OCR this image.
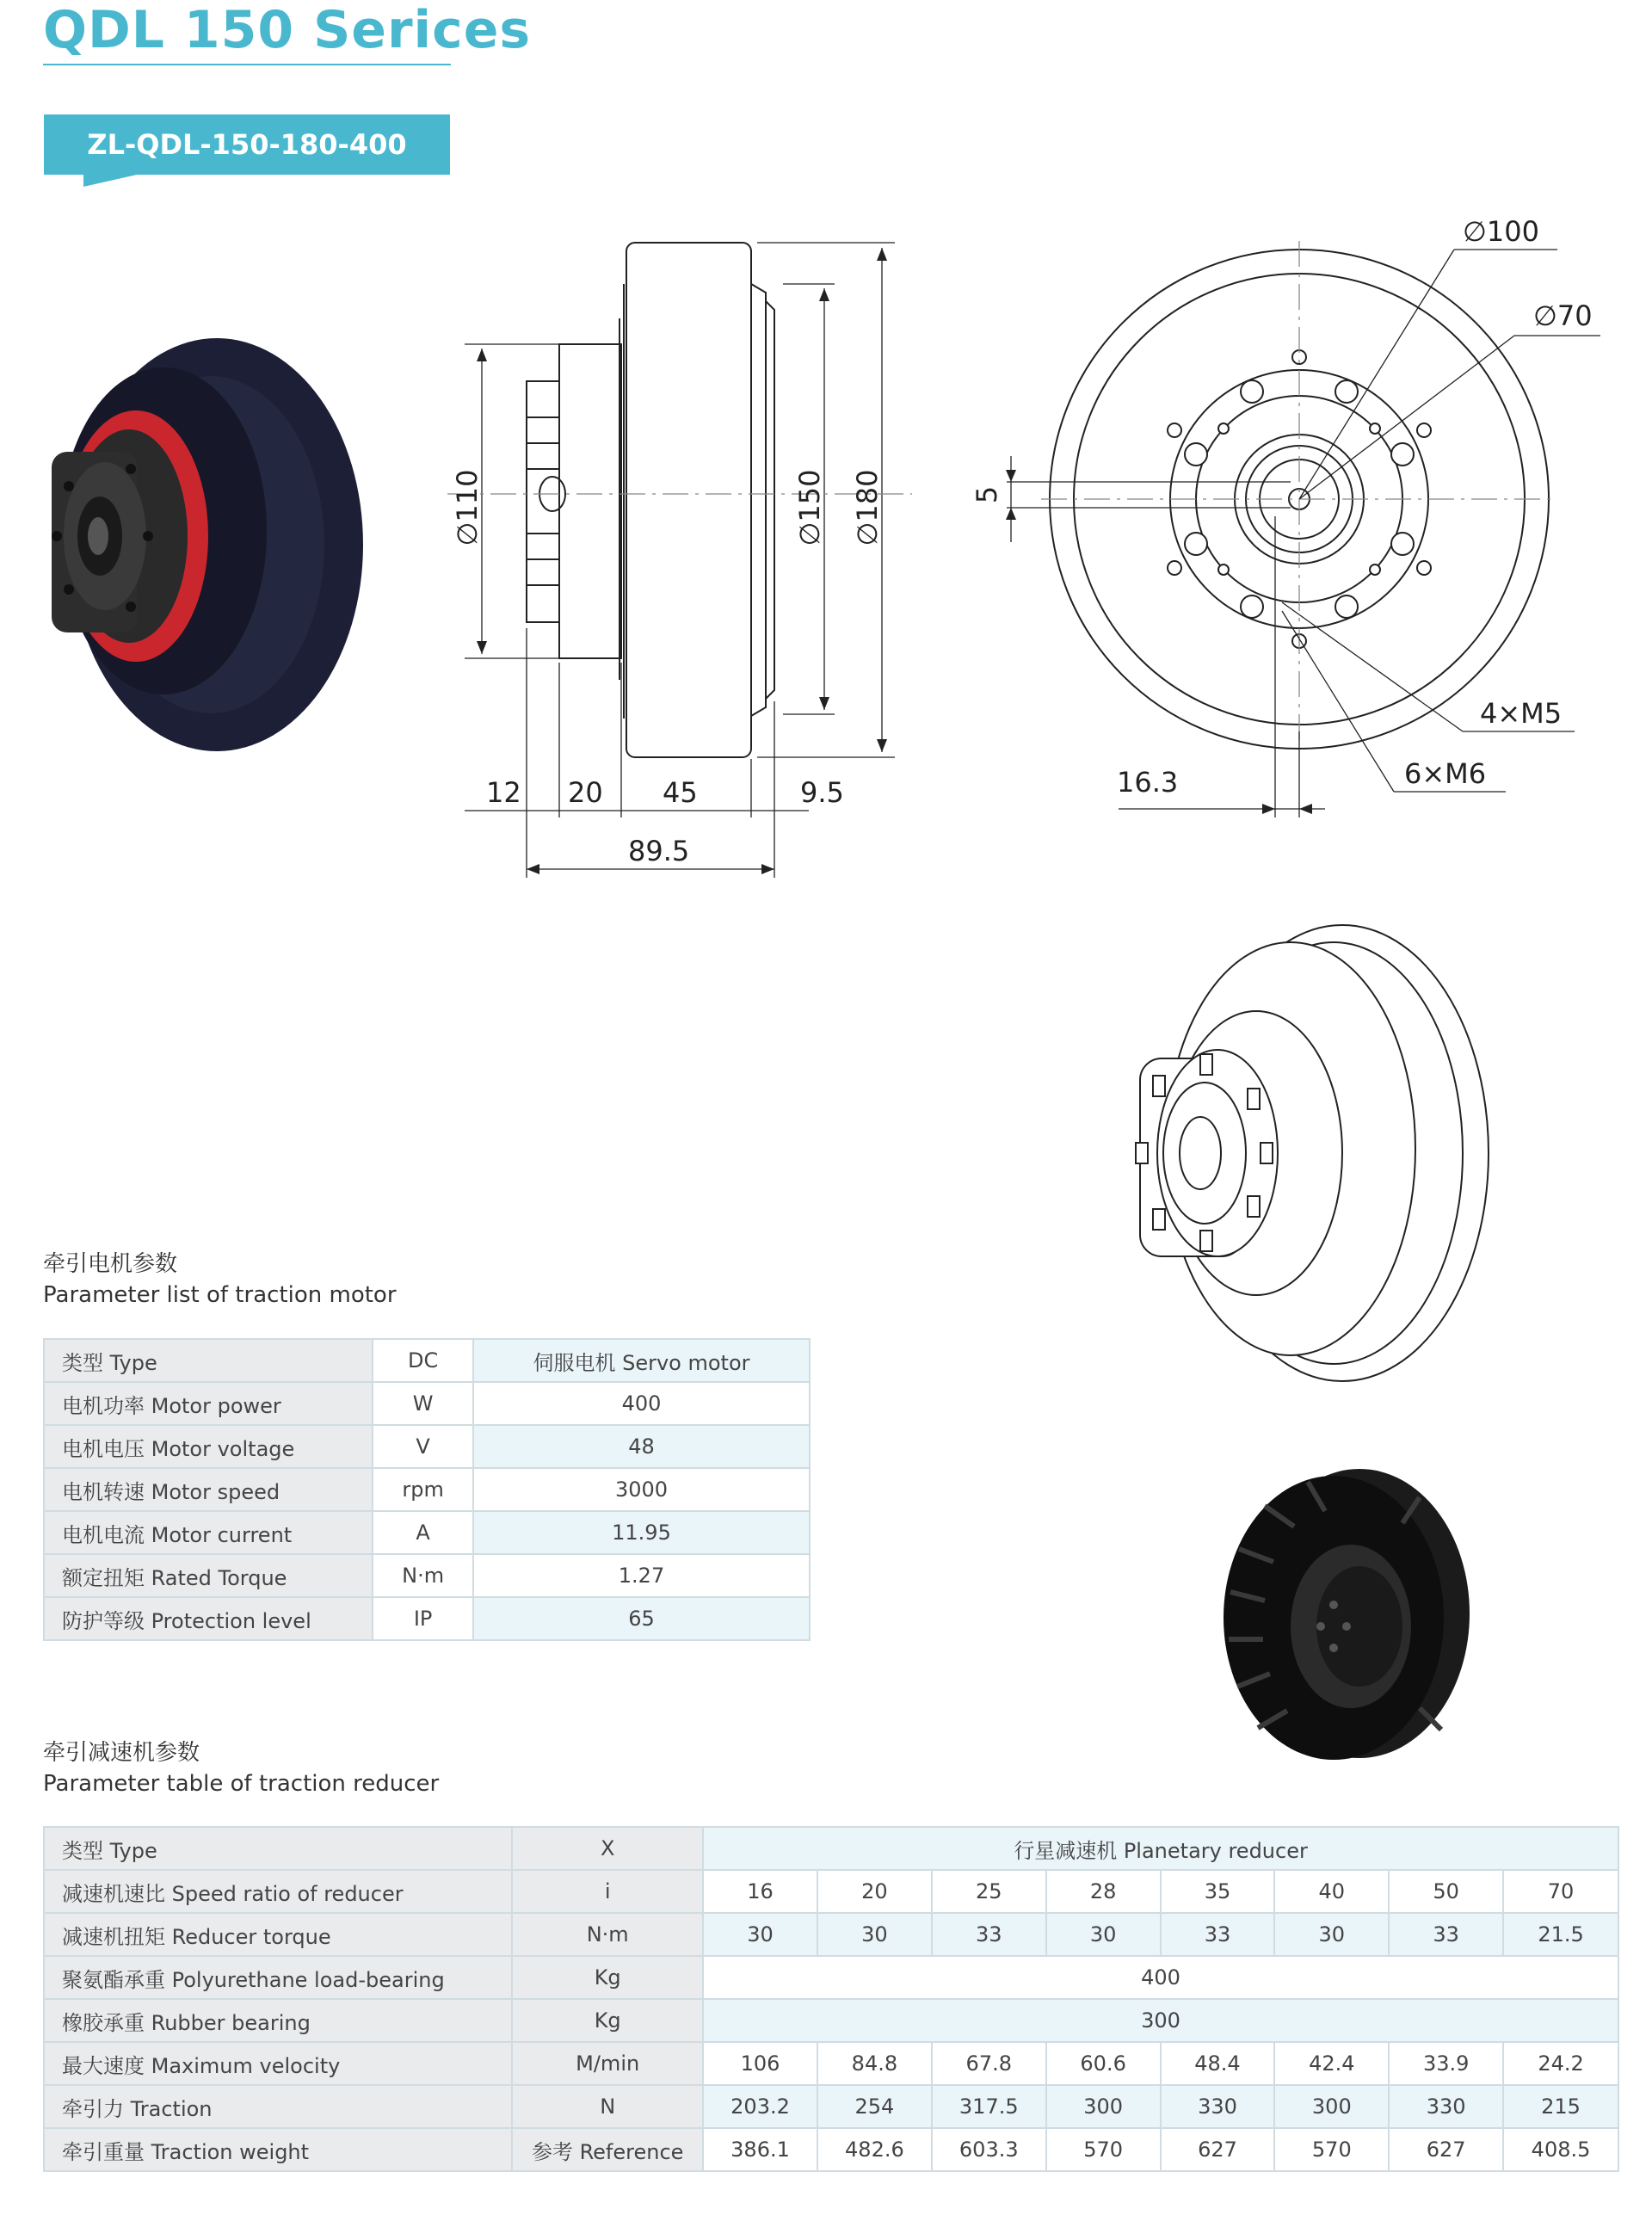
QDL 150 Serices
ZL-QDL-150-180-400
∅110	∅150 ∅180
12 20 45	9.5
89.5
∅100
∅70
5
16.3
4×M5
6×M6
牵引电机参数
Parameter list of traction motor
类型 Type	DC	伺服电机 Servo motor
电机功率 Motor power	W	400
电机电压 Motor voltage	V	48
电机转速 Motor speed	rpm	3000
电机电流 Motor current	A	11.95
额定扭矩 Rated Torque	N·m	1.27
防护等级 Protection level	IP	65
牵引减速机参数
Parameter table of traction reducer
类型 Type	X	行星减速机 Planetary reducer							
减速机速比 Speed ratio of reducer	i	16	20	25	28	35	40	50	70
减速机扭矩 Reducer torque	N·m	30	30	33	30	33	30	33	21.5
聚氨酯承重 Polyurethane load-bearing	Kg	400							
橡胶承重 Rubber bearing	Kg	300							
最大速度 Maximum velocity	M/min	106	84.8	67.8	60.6	48.4	42.4	33.9	24.2
牵引力 Traction	N	203.2	254	317.5	300	330	300	330	215
牵引重量 Traction weight	参考 Reference	386.1	482.6	603.3	570	627	570	627	408.5
